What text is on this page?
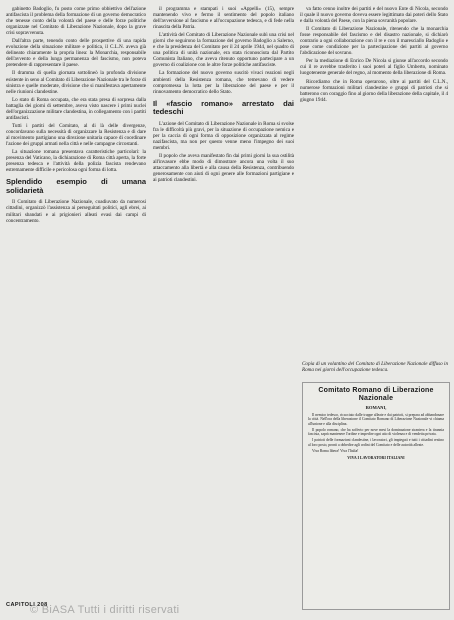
gabinetto Badoglio, fu posto come primo obbiettivo dell'azione antifascista il problema della formazione di un governo democratico che tenesse conto della volontà del paese e delle forze politiche organizzate nel Comitato di Liberazione Nazionale, dopo la grave crisi sopravvenuta.

Dall'altra parte, tenendo conto delle prospettive di una rapida evoluzione della situazione militare e politica, il C.L.N. aveva già delineato chiaramente la propria linea: la Monarchia, responsabile dell'avvento e della lunga permanenza del fascismo, non poteva pretendere di rappresentare il paese.

Il dramma di quella giornata sottolineò la profonda divisione esistente in seno al Comitato di Liberazione Nazionale tra le forze di sinistra e quelle moderate, divisione che si manifestava apertamente nelle riunioni clandestine.

Lo stato di Roma occupata, che era stata presa di sorpresa dalla battaglia dei giorni di settembre, aveva visto nascere i primi nuclei dell'organizzazione militare clandestina, in collegamento con i partiti antifascisti.

Tutti i partiti del Comitato, al di là delle divergenze, concordavano sulla necessità di organizzare la Resistenza e di dare al movimento partigiano una direzione unitaria capace di coordinare l'azione dei gruppi armati nella città e nelle campagne circostanti.

La situazione romana presentava caratteristiche particolari: la presenza del Vaticano, la dichiarazione di Roma città aperta, la forte presenza tedesca e l'attività della polizia fascista rendevano estremamente difficile e pericolosa ogni forma di lotta.

Splendido esempio di umana solidarietà

Il Comitato di Liberazione Nazionale, coadiuvato da numerosi cittadini, organizzò l'assistenza ai perseguitati politici, agli ebrei, ai militari sbandati e ai prigionieri alleati evasi dai campi di concentramento.

il programma e stampati i suoi «Appelli» (15), sempre mantenendo vivo e fermo il sentimento del popolo italiano dell'avversione al fascismo e all'occupazione tedesca, e di fede nella rinascita della Patria.

L'attività del Comitato di Liberazione Nazionale subì una crisi nel giorni che seguirono la formazione del governo Badoglio a Salerno, e che la presidenza del Comitato per il 24 aprile 1944, nel quadro di una politica di unità nazionale, era stata riconosciuta dal Partito Comunista Italiano, che aveva ritenuto opportuno partecipare a un governo di coalizione con le altre forze politiche antifasciste.

La formazione del nuovo governo suscitò vivaci reazioni negli ambienti della Resistenza romana, che temevano di vedere compromessa la lotta per la liberazione del paese e per il rinnovamento democratico dello Stato.

Il «fascio romano» arrestato dai tedeschi

L'azione del Comitato di Liberazione Nazionale in Roma si svolse fra le difficoltà più gravi, per la situazione di occupazione nemica e per la caccia di ogni forma di opposizione organizzata al regime nazifascista, ma non per questo venne meno l'impegno dei suoi membri.

Il popolo che aveva manifestato fin dai primi giorni la sua ostilità all'invasore ebbe modo di dimostrare ancora una volta il suo attaccamento alla libertà e alla causa della Resistenza, contribuendo generosamente con aiuti di ogni genere alle formazioni partigiane e ai patrioti clandestini.

va fatto cenno inoltre dei partiti e del nuovo Ente di Nicola, secondo il quale il nuovo governo doveva essere legittimato dai poteri dello Stato e dalla volontà del Paese, con la piena sovranità popolare.

Il Comitato di Liberazione Nazionale, ritenendo che la monarchia fosse responsabile del fascismo e del disastro nazionale, si dichiarò contrario a ogni collaborazione con il re e con il maresciallo Badoglio e pose come condizione per la partecipazione dei partiti al governo l'abdicazione del sovrano.

Per la mediazione di Enrico De Nicola si giunse all'accordo secondo cui il re avrebbe trasferito i suoi poteri al figlio Umberto, nominato luogotenente generale del regno, al momento della liberazione di Roma.

Ricordiamo che in Roma operarono, oltre ai partiti del C.L.N., numerose formazioni militari clandestine e gruppi di patrioti che si batterono con coraggio fino al giorno della liberazione della capitale, il 4 giugno 1944.

Copia di un volantino del Comitato di Liberazione Nazionale diffuso in Roma nei giorni dell'occupazione tedesca.
Comitato Romano di Liberazione Nazionale
ROMANI,

Il nemico tedesco, ricacciato dalle truppe alleate e dai patrioti, si prepara ad abbandonare la città. Nell'ora della liberazione il Comitato Romano di Liberazione Nazionale vi chiama all'unione e alla disciplina.

Il popolo romano, che ha sofferto per nove mesi la dominazione straniera e la tirannia fascista, saprà mantenere l'ordine e impedire ogni atto di violenza e di vendetta privata.

I patrioti delle formazioni clandestine, i lavoratori, gli impiegati e tutti i cittadini restino al loro posto, pronti a obbedire agli ordini del Comitato e delle autorità alleate.

Viva Roma libera! Viva l'Italia!

VIVA I LAVORATORI ITALIANI
CAPITOLI 208
© BiASA Tutti i diritti riservati
